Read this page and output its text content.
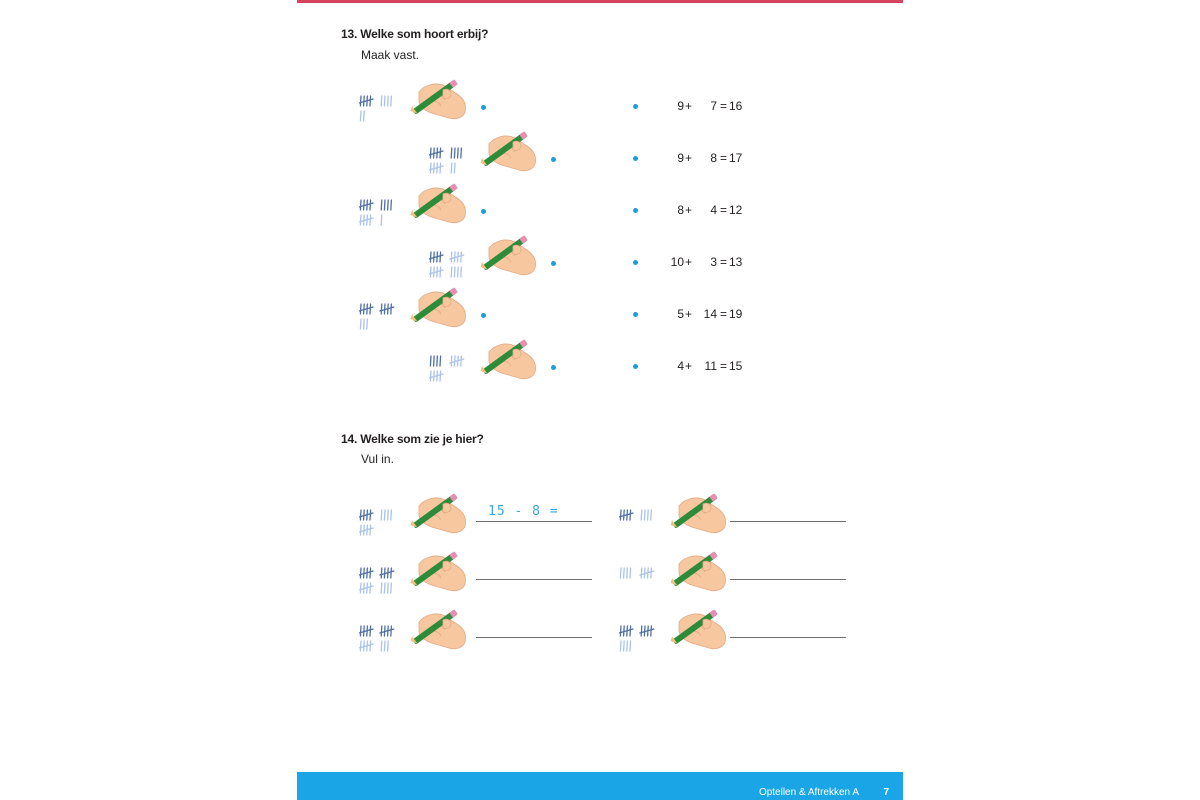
13. Welke som hoort erbij?
Maak vast.
9 + 7 = 16
9 + 8 = 17
8 + 4 = 12
10 + 3 = 13
5 + 14 = 19
4 + 11 = 15
14. Welke som zie je hier?
Vul in.
15 - 8 =
Optellen & Aftrekken A 7
